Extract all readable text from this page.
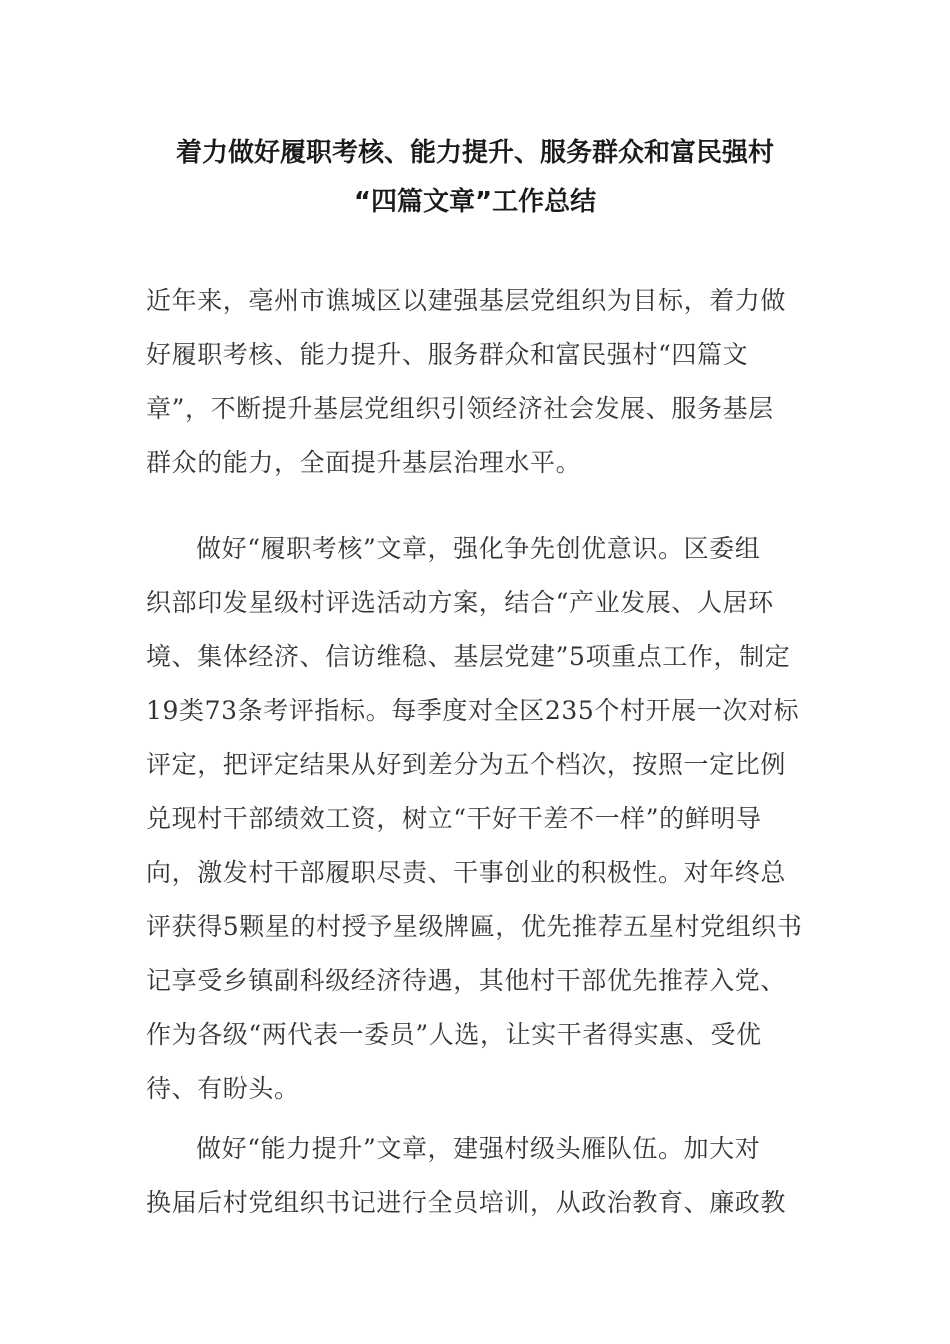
着力做好履职考核、能力提升、服务群众和富民强村
“四篇文章”工作总结
近年来，亳州市谯城区以建强基层党组织为目标，着力做
好履职考核、能力提升、服务群众和富民强村“四篇文
章”，不断提升基层党组织引领经济社会发展、服务基层
群众的能力，全面提升基层治理水平。
做好“履职考核”文章，强化争先创优意识。区委组
织部印发星级村评选活动方案，结合“产业发展、人居环
境、集体经济、信访维稳、基层党建”5项重点工作，制定
19类73条考评指标。每季度对全区235个村开展一次对标
评定，把评定结果从好到差分为五个档次，按照一定比例
兑现村干部绩效工资，树立“干好干差不一样”的鲜明导
向，激发村干部履职尽责、干事创业的积极性。对年终总
评获得5颗星的村授予星级牌匾，优先推荐五星村党组织书
记享受乡镇副科级经济待遇，其他村干部优先推荐入党、
作为各级“两代表一委员”人选，让实干者得实惠、受优
待、有盼头。
做好“能力提升”文章，建强村级头雁队伍。加大对
换届后村党组织书记进行全员培训，从政治教育、廉政教
